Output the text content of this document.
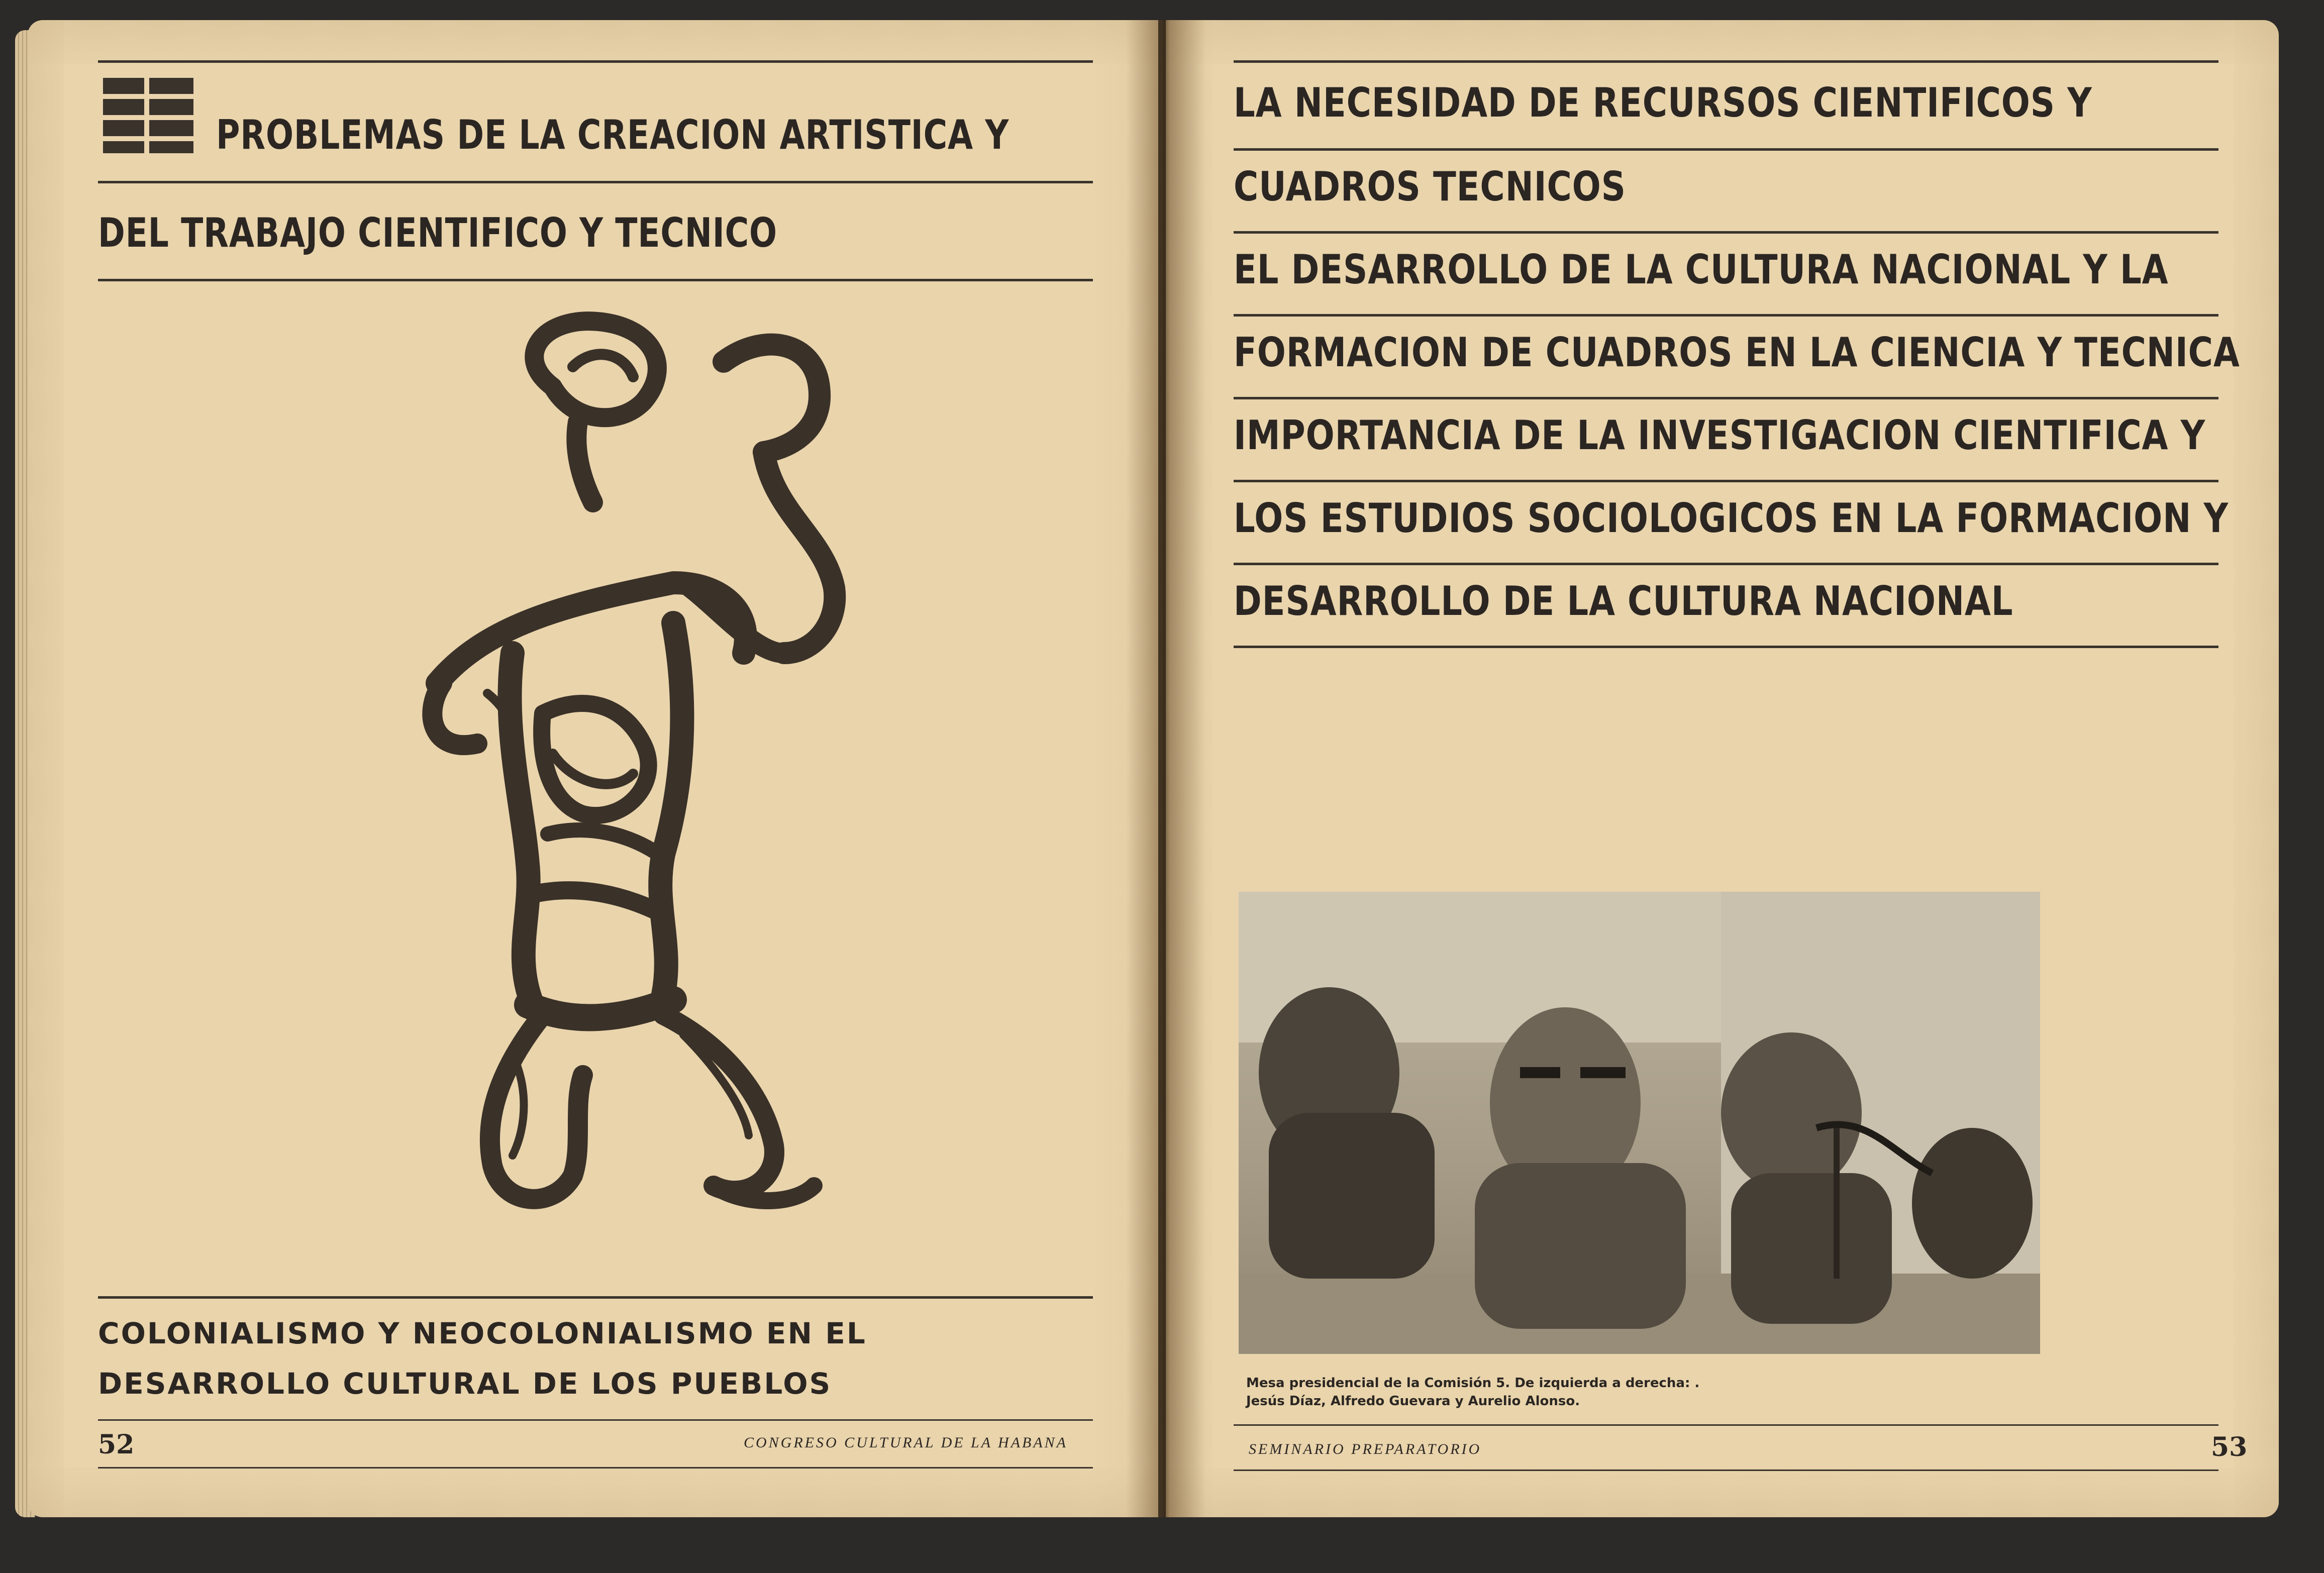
PROBLEMAS DE LA CREACION ARTISTICA Y
DEL TRABAJO CIENTIFICO Y TECNICO
COLONIALISMO Y NEOCOLONIALISMO EN EL
DESARROLLO CULTURAL DE LOS PUEBLOS
52	CONGRESO CULTURAL DE LA HABANA
LA NECESIDAD DE RECURSOS CIENTIFICOS Y
CUADROS TECNICOS
EL DESARROLLO DE LA CULTURA NACIONAL Y LA
FORMACION DE CUADROS EN LA CIENCIA Y TECNICA
IMPORTANCIA DE LA INVESTIGACION CIENTIFICA Y
LOS ESTUDIOS SOCIOLOGICOS EN LA FORMACION Y
DESARROLLO DE LA CULTURA NACIONAL
Mesa presidencial de la Comisión 5. De izquierda a derecha: .
Jesús Díaz, Alfredo Guevara y Aurelio Alonso.
SEMINARIO PREPARATORIO	53
